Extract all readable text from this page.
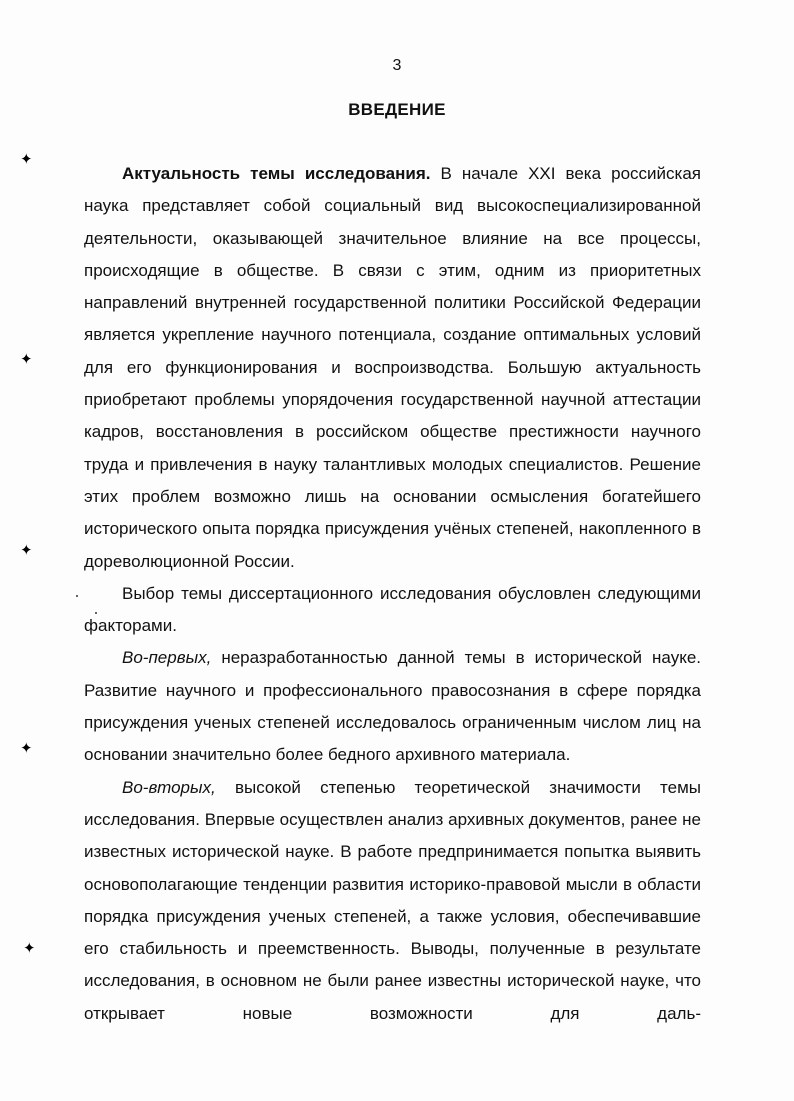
3
ВВЕДЕНИЕ

Актуальность темы исследования. В начале XXI века российская наука представляет собой социальный вид высокоспециализированной деятельности, оказывающей значительное влияние на все процессы, происходящие в обществе. В связи с этим, одним из приоритетных направлений внутренней государственной политики Российской Федерации является укрепление научного потенциала, создание оптимальных условий для его функционирования и воспроизводства. Большую актуальность приобретают проблемы упорядочения государственной научной аттестации кадров, восстановления в российском обществе престижности научного труда и привлечения в науку талантливых молодых специалистов. Решение этих проблем возможно лишь на основании осмысления богатейшего исторического опыта порядка присуждения учёных степеней, накопленного в дореволюционной России.

Выбор темы диссертационного исследования обусловлен следующими факторами.

Во-первых, неразработанностью данной темы в исторической науке. Развитие научного и профессионального правосознания в сфере порядка присуждения ученых степеней исследовалось ограниченным числом лиц на основании значительно более бедного архивного материала.

Во-вторых, высокой степенью теоретической значимости темы исследования. Впервые осуществлен анализ архивных документов, ранее не известных исторической науке. В работе предпринимается попытка выявить основополагающие тенденции развития историко-правовой мысли в области порядка присуждения ученых степеней, а также условия, обеспечивавшие его стабильность и преемственность. Выводы, полученные в результате исследования, в основном не были ранее известны исторической науке, что открывает новые возможности для даль-

✦
✦
✦
✦
✦
